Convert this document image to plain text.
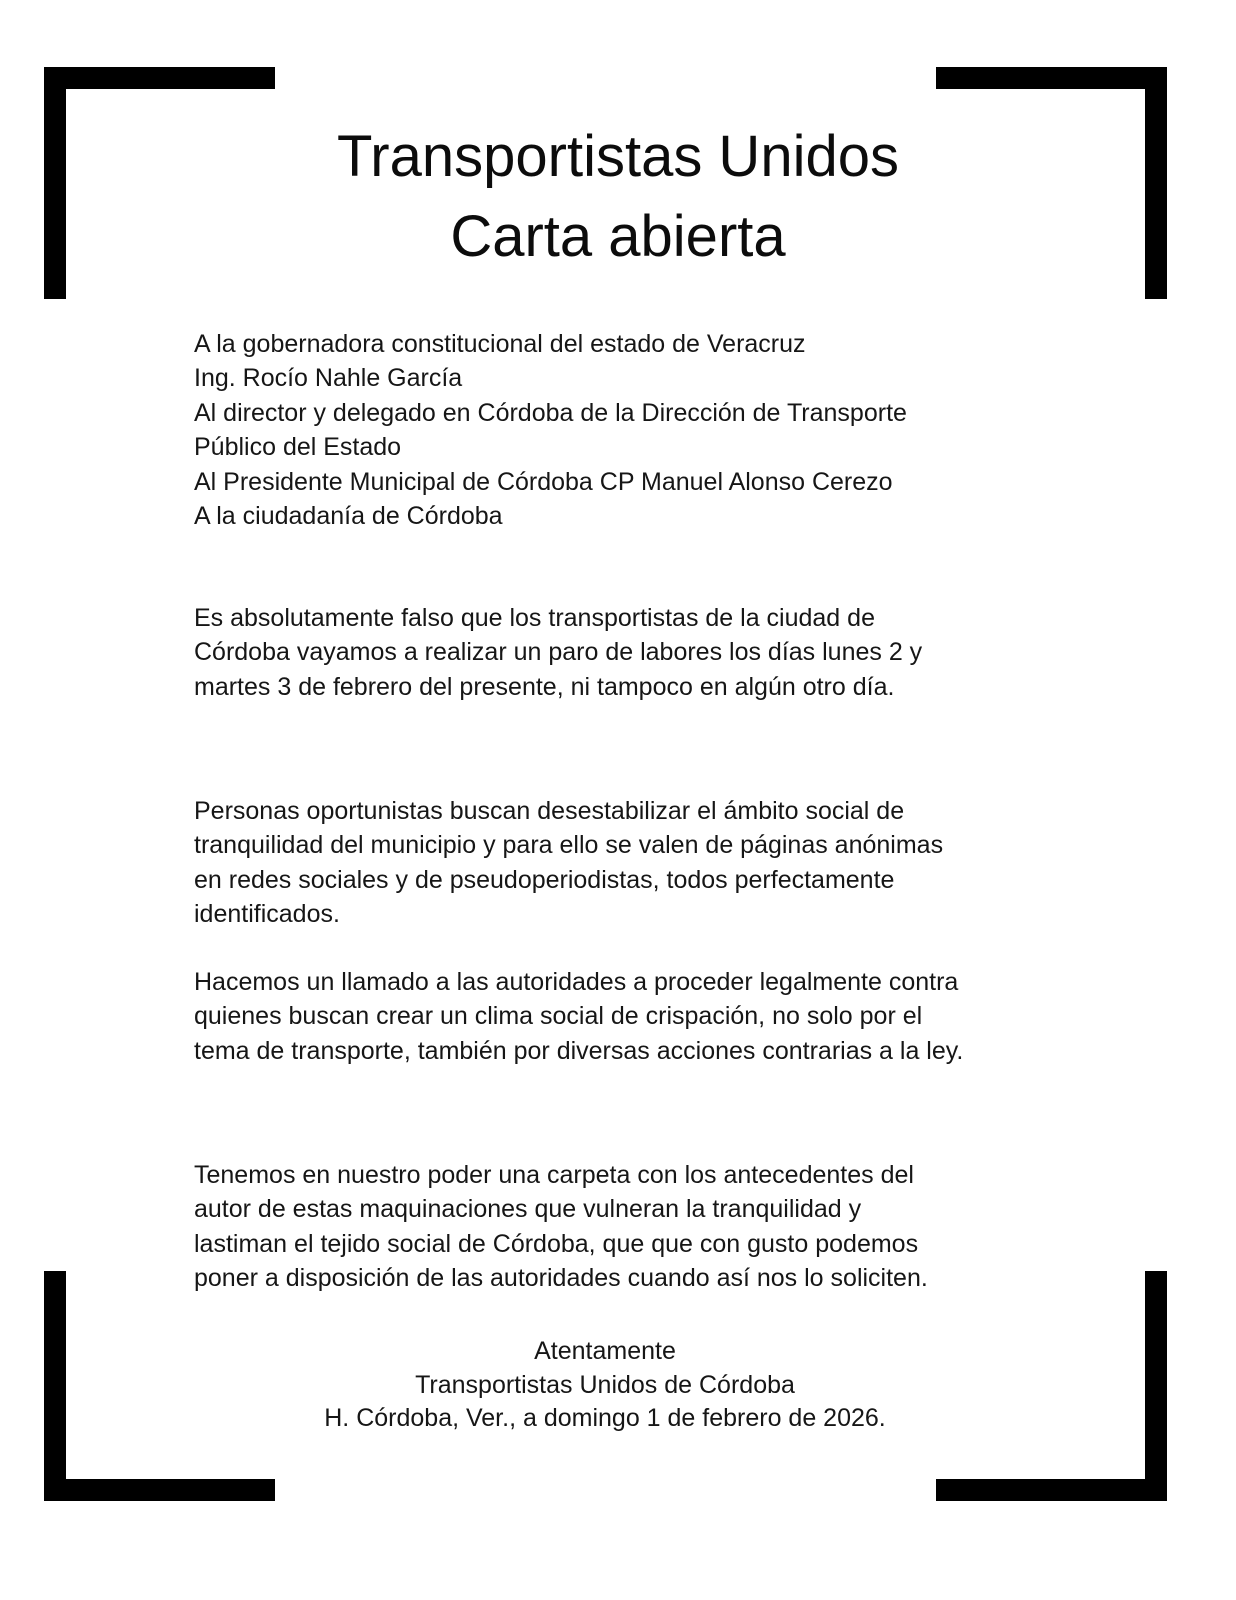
Transportistas Unidos
Carta abierta
A la gobernadora constitucional del estado de Veracruz
Ing. Rocío Nahle García
Al director y delegado en Córdoba de la Dirección de Transporte
Público del Estado
Al Presidente Municipal de Córdoba CP Manuel Alonso Cerezo
A la ciudadanía de Córdoba
Es absolutamente falso que los transportistas de la ciudad de
Córdoba vayamos a realizar un paro de labores los días lunes 2 y
martes 3 de febrero del presente, ni tampoco en algún otro día.
Personas oportunistas buscan desestabilizar el ámbito social de
tranquilidad del municipio y para ello se valen de páginas anónimas
en redes sociales y de pseudoperiodistas, todos perfectamente
identificados.
Hacemos un llamado a las autoridades a proceder legalmente contra
quienes buscan crear un clima social de crispación, no solo por el
tema de transporte, también por diversas acciones contrarias a la ley.
Tenemos en nuestro poder una carpeta con los antecedentes del
autor de estas maquinaciones que vulneran la tranquilidad y
lastiman el tejido social de Córdoba, que que con gusto podemos
poner a disposición de las autoridades cuando así nos lo soliciten.
Atentamente
Transportistas Unidos de Córdoba
H. Córdoba, Ver., a domingo 1 de febrero de 2026.
